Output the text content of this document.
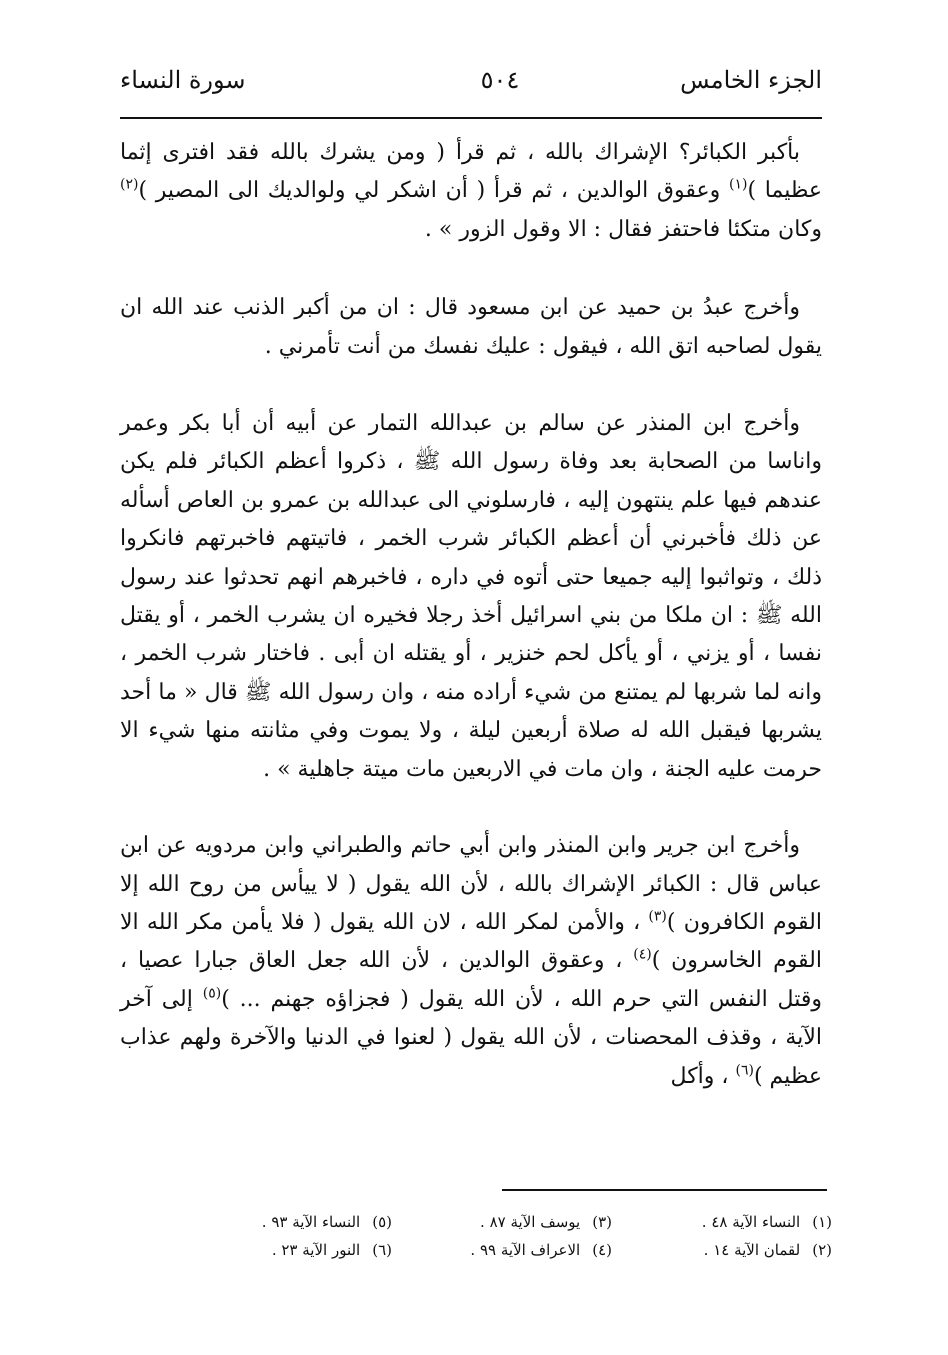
الجزء الخامس
٥٠٤
سورة النساء

بأكبر الكبائر؟ الإشراك بالله ، ثم قرأ ( ومن يشرك بالله فقد افترى إثما عظيما )$^{(١)}$ وعقوق الوالدين ، ثم قرأ ( أن اشكر لي ولوالديك الى المصير )$^{(٢)}$ وكان متكئا فاحتفز فقال : الا وقول الزور » .

وأخرج عبدُ بن حميد عن ابن مسعود قال : ان من أكبر الذنب عند الله ان يقول لصاحبه اتق الله ، فيقول : عليك نفسك من أنت تأمرني .

وأخرج ابن المنذر عن سالم بن عبدالله التمار عن أبيه أن أبا بكر وعمر واناسا من الصحابة بعد وفاة رسول الله ﷺ ، ذكروا أعظم الكبائر فلم يكن عندهم فيها علم ينتهون إليه ، فارسلوني الى عبدالله بن عمرو بن العاص أسأله عن ذلك فأخبرني أن أعظم الكبائر شرب الخمر ، فاتيتهم فاخبرتهم فانكروا ذلك ، وتواثبوا إليه جميعا حتى أتوه في داره ، فاخبرهم انهم تحدثوا عند رسول الله ﷺ : ان ملكا من بني اسرائيل أخذ رجلا فخيره ان يشرب الخمر ، أو يقتل نفسا ، أو يزني ، أو يأكل لحم خنزير ، أو يقتله ان أبى . فاختار شرب الخمر ، وانه لما شربها لم يمتنع من شيء أراده منه ، وان رسول الله ﷺ قال « ما أحد يشربها فيقبل الله له صلاة أربعين ليلة ، ولا يموت وفي مثانته منها شيء الا حرمت عليه الجنة ، وان مات في الاربعين مات ميتة جاهلية » .

وأخرج ابن جرير وابن المنذر وابن أبي حاتم والطبراني وابن مردويه عن ابن عباس قال : الكبائر الإشراك بالله ، لأن الله يقول ( لا ييأس من روح الله إلا القوم الكافرون )$^{(٣)}$ ، والأمن لمكر الله ، لان الله يقول ( فلا يأمن مكر الله الا القوم الخاسرون )$^{(٤)}$ ، وعقوق الوالدين ، لأن الله جعل العاق جبارا عصيا ، وقتل النفس التي حرم الله ، لأن الله يقول ( فجزاؤه جهنم ... )$^{(٥)}$ إلى آخر الآية ، وقذف المحصنات ، لأن الله يقول ( لعنوا في الدنيا والآخرة ولهم عذاب عظيم )$^{(٦)}$ ، وأكل

(١)النساء الآية ٤٨ .
(٢)لقمان الآية ١٤ .
(٣)يوسف الآية ٨٧ .
(٤)الاعراف الآية ٩٩ .
(٥)النساء الآية ٩٣ .
(٦)النور الآية ٢٣ .
